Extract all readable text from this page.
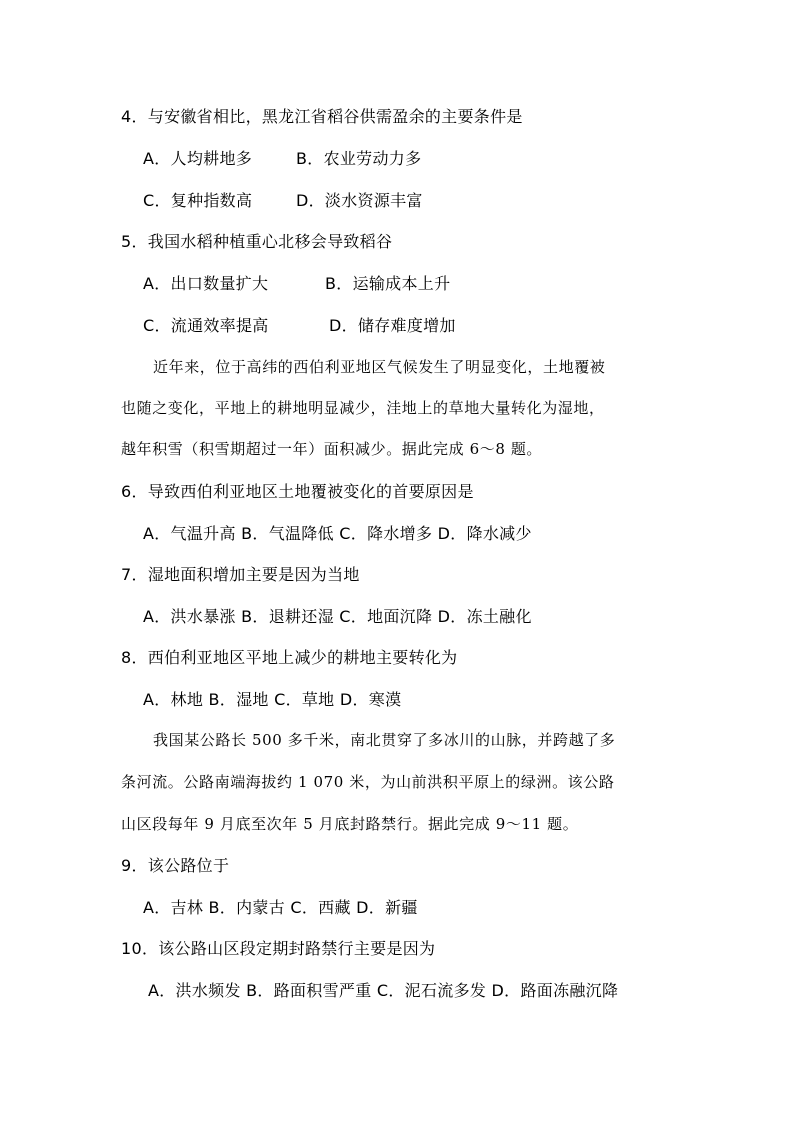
4．与安徽省相比，黑龙江省稻谷供需盈余的主要条件是
A．人均耕地多	B．农业劳动力多
C．复种指数高	D．淡水资源丰富
5．我国水稻种植重心北移会导致稻谷
A．出口数量扩大	B．运输成本上升
C．流通效率提高	D．储存难度增加
近年来，位于高纬的西伯利亚地区气候发生了明显变化，土地覆被
也随之变化，平地上的耕地明显减少，洼地上的草地大量转化为湿地，
越年积雪（积雪期超过一年）面积减少。据此完成 6～8 题。
6．导致西伯利亚地区土地覆被变化的首要原因是
A．气温升高 B．气温降低 C．降水增多 D．降水减少
7．湿地面积增加主要是因为当地
A．洪水暴涨 B．退耕还湿 C．地面沉降 D．冻土融化
8．西伯利亚地区平地上减少的耕地主要转化为
A．林地 B．湿地 C．草地 D．寒漠
我国某公路长 500 多千米，南北贯穿了多冰川的山脉，并跨越了多
条河流。公路南端海拔约 1 070 米，为山前洪积平原上的绿洲。该公路
山区段每年 9 月底至次年 5 月底封路禁行。据此完成 9～11 题。
9．该公路位于
A．吉林 B．内蒙古 C．西藏 D．新疆
10．该公路山区段定期封路禁行主要是因为
A．洪水频发 B．路面积雪严重 C．泥石流多发 D．路面冻融沉降
